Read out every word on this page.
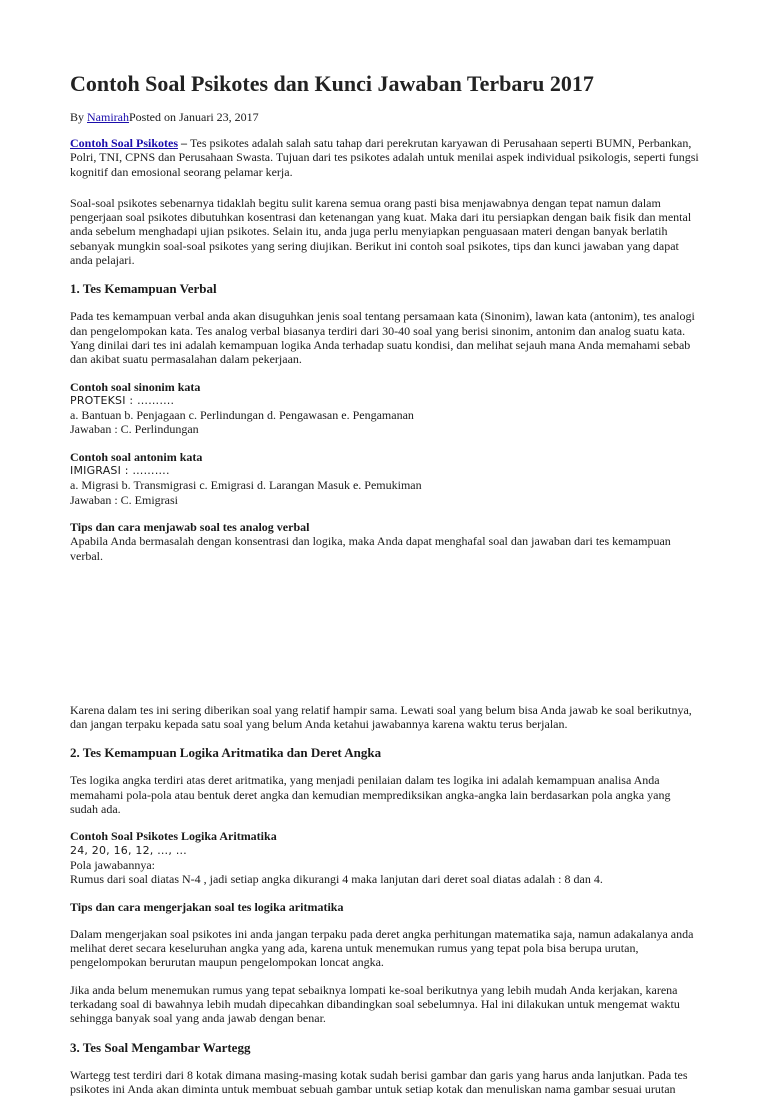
Contoh Soal Psikotes dan Kunci Jawaban Terbaru 2017
By NamirahPosted on Januari 23, 2017

Contoh Soal Psikotes – Tes psikotes adalah salah satu tahap dari perekrutan karyawan di Perusahaan seperti BUMN, Perbankan, Polri, TNI, CPNS dan Perusahaan Swasta. Tujuan dari tes psikotes adalah untuk menilai aspek individual psikologis, seperti fungsi kognitif dan emosional seorang pelamar kerja.

Soal-soal psikotes sebenarnya tidaklah begitu sulit karena semua orang pasti bisa menjawabnya dengan tepat namun dalam pengerjaan soal psikotes dibutuhkan kosentrasi dan ketenangan yang kuat. Maka dari itu persiapkan dengan baik fisik dan mental anda sebelum menghadapi ujian psikotes. Selain itu, anda juga perlu menyiapkan penguasaan materi dengan banyak berlatih sebanyak mungkin soal-soal psikotes yang sering diujikan. Berikut ini contoh soal psikotes, tips dan kunci jawaban yang dapat anda pelajari.

1. Tes Kemampuan Verbal

Pada tes kemampuan verbal anda akan disuguhkan jenis soal tentang persamaan kata (Sinonim), lawan kata (antonim), tes analogi dan pengelompokan kata. Tes analog verbal biasanya terdiri dari 30-40 soal yang berisi sinonim, antonim dan analog suatu kata. Yang dinilai dari tes ini adalah kemampuan logika Anda terhadap suatu kondisi, dan melihat sejauh mana Anda memahami sebab dan akibat suatu permasalahan dalam pekerjaan.

Contoh soal sinonim kata

PROTEKSI : ……….

a. Bantuan b. Penjagaan c. Perlindungan d. Pengawasan e. Pengamanan

Jawaban : C. Perlindungan

Contoh soal antonim kata

IMIGRASI : ……….

a. Migrasi b. Transmigrasi c. Emigrasi d. Larangan Masuk e. Pemukiman

Jawaban : C. Emigrasi

Tips dan cara menjawab soal tes analog verbal

Apabila Anda bermasalah dengan konsentrasi dan logika, maka Anda dapat menghafal soal dan jawaban dari tes kemampuan verbal.

Karena dalam tes ini sering diberikan soal yang relatif hampir sama. Lewati soal yang belum bisa Anda jawab ke soal berikutnya, dan jangan terpaku kepada satu soal yang belum Anda ketahui jawabannya karena waktu terus berjalan.

2. Tes Kemampuan Logika Aritmatika dan Deret Angka

Tes logika angka terdiri atas deret aritmatika, yang menjadi penilaian dalam tes logika ini adalah kemampuan analisa Anda memahami pola-pola atau bentuk deret angka dan kemudian memprediksikan angka-angka lain berdasarkan pola angka yang sudah ada.

Contoh Soal Psikotes Logika Aritmatika

24, 20, 16, 12, …, …

Pola jawabannya:

Rumus dari soal diatas N-4 , jadi setiap angka dikurangi 4 maka lanjutan dari deret soal diatas adalah : 8 dan 4.

Tips dan cara mengerjakan soal tes logika aritmatika

Dalam mengerjakan soal psikotes ini anda jangan terpaku pada deret angka perhitungan matematika saja, namun adakalanya anda melihat deret secara keseluruhan angka yang ada, karena untuk menemukan rumus yang tepat pola bisa berupa urutan, pengelompokan berurutan maupun pengelompokan loncat angka.

Jika anda belum menemukan rumus yang tepat sebaiknya lompati ke-soal berikutnya yang lebih mudah Anda kerjakan, karena terkadang soal di bawahnya lebih mudah dipecahkan dibandingkan soal sebelumnya. Hal ini dilakukan untuk mengemat waktu sehingga banyak soal yang anda jawab dengan benar.

3. Tes Soal Mengambar Wartegg

Wartegg test terdiri dari 8 kotak dimana masing-masing kotak sudah berisi gambar dan garis yang harus anda lanjutkan. Pada tes psikotes ini Anda akan diminta untuk membuat sebuah gambar untuk setiap kotak dan menuliskan nama gambar sesuai urutan
